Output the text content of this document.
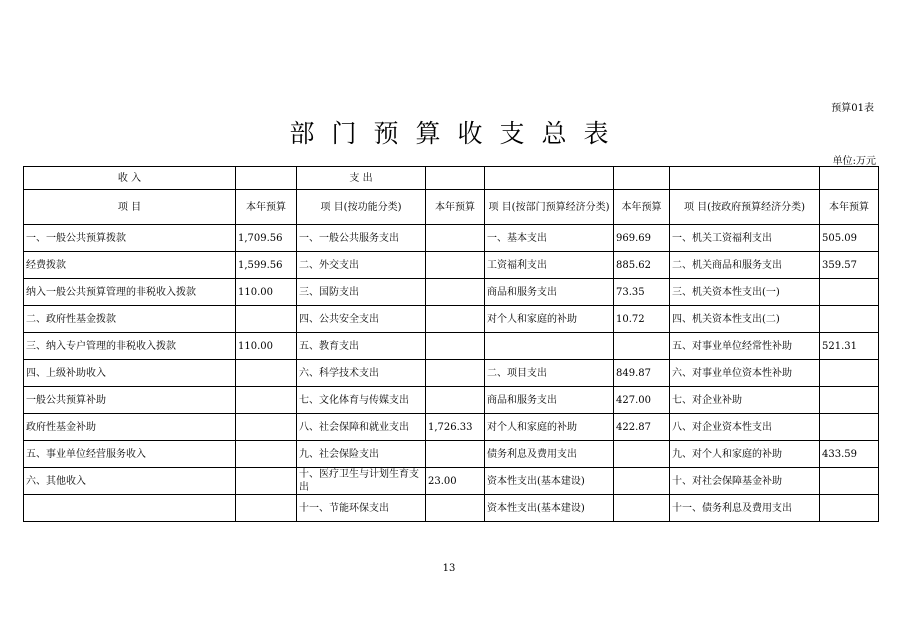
预算01表
部门预算收支总表
单位:万元
收 入		支 出					
项 目	本年预算	项 目(按功能分类)	本年预算	项 目(按部门预算经济分类)	本年预算	项 目(按政府预算经济分类)	本年预算
一、一般公共预算拨款	1,709.56	一、一般公共服务支出		一、基本支出	969.69	一、机关工资福利支出	505.09
经费拨款	1,599.56	二、外交支出		工资福利支出	885.62	二、机关商品和服务支出	359.57
纳入一般公共预算管理的非税收入拨款	110.00	三、国防支出		商品和服务支出	73.35	三、机关资本性支出(一)	
二、政府性基金拨款		四、公共安全支出		对个人和家庭的补助	10.72	四、机关资本性支出(二)	
三、纳入专户管理的非税收入拨款	110.00	五、教育支出				五、对事业单位经常性补助	521.31
四、上级补助收入		六、科学技术支出		二、项目支出	849.87	六、对事业单位资本性补助	
一般公共预算补助		七、文化体育与传媒支出		商品和服务支出	427.00	七、对企业补助	
政府性基金补助		八、社会保障和就业支出	1,726.33	对个人和家庭的补助	422.87	八、对企业资本性支出	
五、事业单位经营服务收入		九、社会保险支出		债务利息及费用支出		九、对个人和家庭的补助	433.59
六、其他收入		十、医疗卫生与计划生育支出	23.00	资本性支出(基本建设)		十、对社会保障基金补助	
		十一、节能环保支出		资本性支出(基本建设)		十一、债务利息及费用支出	
13
